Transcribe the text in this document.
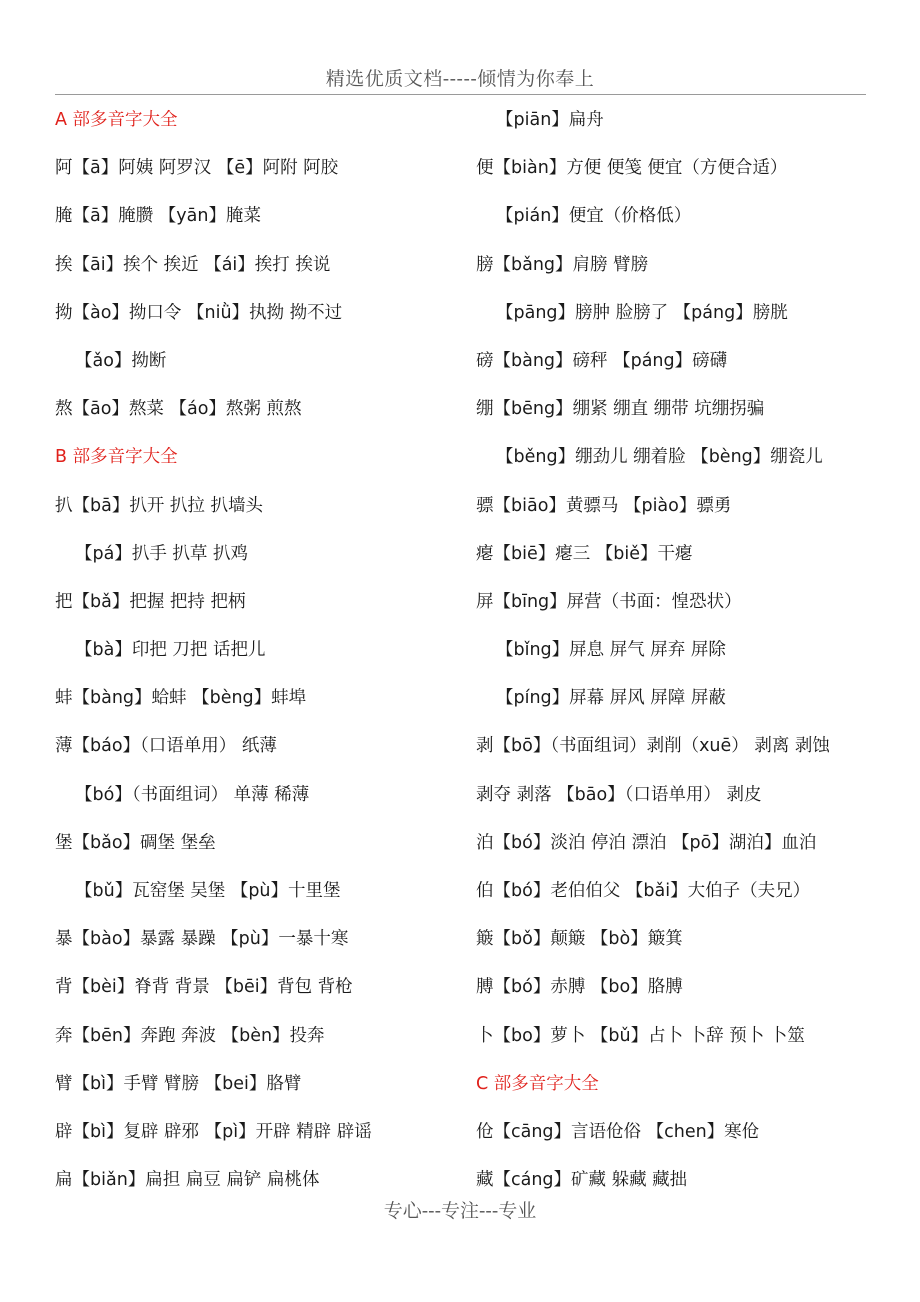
精选优质文档-----倾情为你奉上
A 部多音字大全
阿【ā】阿姨 阿罗汉 【ē】阿附 阿胶
腌【ā】腌臜 【yān】腌菜
挨【āi】挨个 挨近 【ái】挨打 挨说
拗【ào】拗口令 【niǜ】执拗 拗不过
【ǎo】拗断
熬【āo】熬菜 【áo】熬粥 煎熬
B 部多音字大全
扒【bā】扒开 扒拉 扒墙头
【pá】扒手 扒草 扒鸡
把【bǎ】把握 把持 把柄
【bà】印把 刀把 话把儿
蚌【bàng】蛤蚌 【bèng】蚌埠
薄【báo】（口语单用） 纸薄
【bó】（书面组词） 单薄 稀薄
堡【bǎo】碉堡 堡垒
【bǔ】瓦窑堡 吴堡 【pù】十里堡
暴【bào】暴露 暴躁 【pù】一暴十寒
背【bèi】脊背 背景 【bēi】背包 背枪
奔【bēn】奔跑 奔波 【bèn】投奔
臂【bì】手臂 臂膀 【bei】胳臂
辟【bì】复辟 辟邪 【pì】开辟 精辟 辟谣
扁【biǎn】扁担 扁豆 扁铲 扁桃体
【piān】扁舟
便【biàn】方便 便笺 便宜（方便合适）
【pián】便宜（价格低）
膀【bǎng】肩膀 臂膀
【pāng】膀肿 脸膀了 【páng】膀胱
磅【bàng】磅秤 【páng】磅礴
绷【bēng】绷紧 绷直 绷带 坑绷拐骗
【běng】绷劲儿 绷着脸 【bèng】绷瓷儿
骠【biāo】黄骠马 【piào】骠勇
瘪【biē】瘪三 【biě】干瘪
屏【bīng】屏营（书面：惶恐状）
【bǐng】屏息 屏气 屏弃 屏除
【píng】屏幕 屏风 屏障 屏蔽
剥【bō】（书面组词）剥削（xuē） 剥离 剥蚀
剥夺 剥落 【bāo】（口语单用） 剥皮
泊【bó】淡泊 停泊 漂泊 【pō】湖泊】血泊
伯【bó】老伯伯父 【bǎi】大伯子（夫兄）
簸【bǒ】颠簸 【bò】簸箕
膊【bó】赤膊 【bo】胳膊
卜【bo】萝卜 【bǔ】占卜 卜辞 预卜 卜筮
C 部多音字大全
伧【cāng】言语伧俗 【chen】寒伧
藏【cáng】矿藏 躲藏 藏拙
专心---专注---专业
